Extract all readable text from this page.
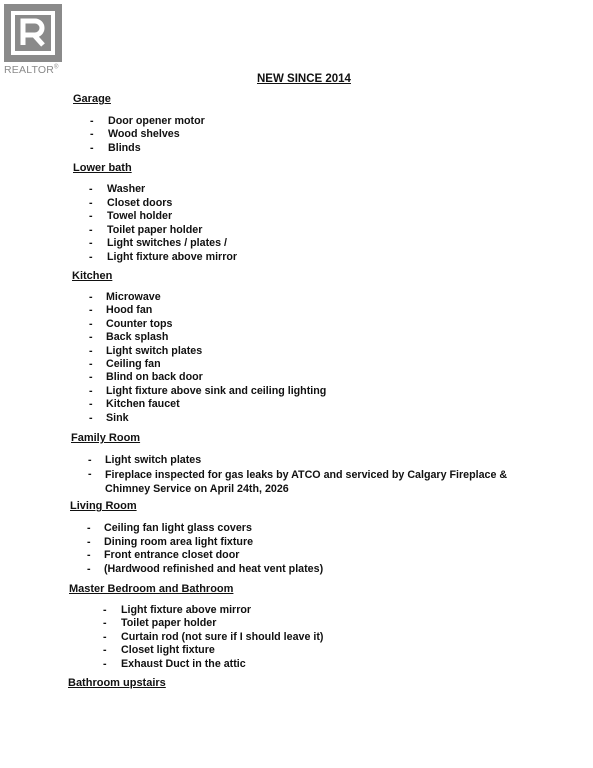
REALTOR®
NEW SINCE 2014
Garage
- Door opener motor
- Wood shelves
- Blinds
Lower bath
- Washer
- Closet doors
- Towel holder
- Toilet paper holder
- Light switches / plates /
- Light fixture above mirror
Kitchen
- Microwave
- Hood fan
- Counter tops
- Back splash
- Light switch plates
- Ceiling fan
- Blind on back door
- Light fixture above sink and ceiling lighting
- Kitchen faucet
- Sink
Family Room
- Light switch plates
- Fireplace inspected for gas leaks by ATCO and serviced by Calgary Fireplace & Chimney Service on April 24th, 2026
Living Room
- Ceiling fan light glass covers
- Dining room area light fixture
- Front entrance closet door
- (Hardwood refinished and heat vent plates)
Master Bedroom and Bathroom
- Light fixture above mirror
- Toilet paper holder
- Curtain rod (not sure if I should leave it)
- Closet light fixture
- Exhaust Duct in the attic
Bathroom upstairs
